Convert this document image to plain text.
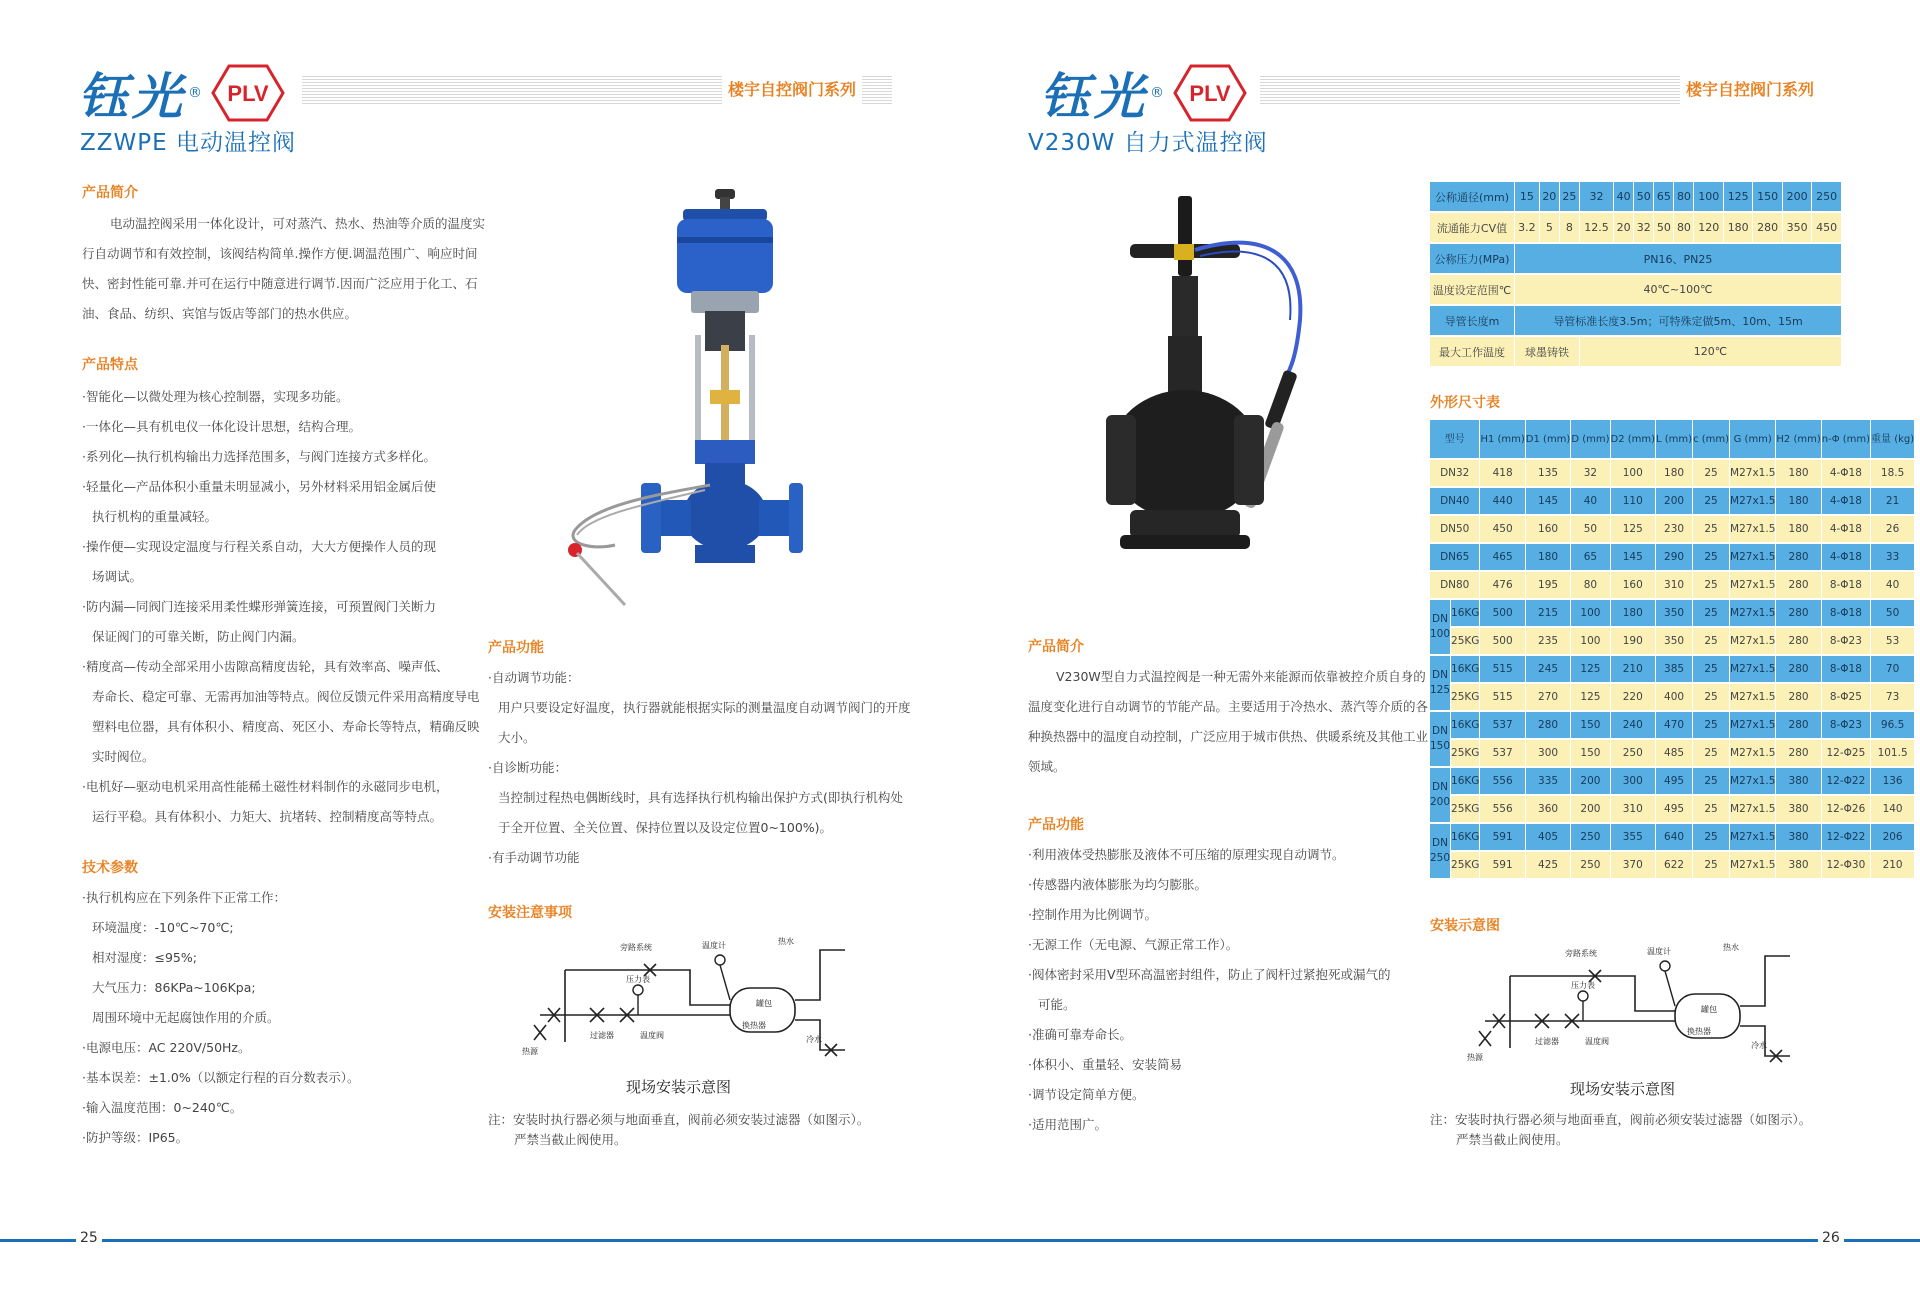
钰光 ® PLV	楼宇自控阀门系列
ZZWPE 电动温控阀
产品简介
电动温控阀采用一体化设计，可对蒸汽、热水、热油等介质的温度实行自动调节和有效控制，该阀结构简单.操作方便.调温范围广、响应时间快、密封性能可靠.并可在运行中随意进行调节.因而广泛应用于化工、石油、食品、纺织、宾馆与饭店等部门的热水供应。
产品特点
·智能化—以微处理为核心控制器，实现多功能。
·一体化—具有机电仪一体化设计思想，结构合理。
·系列化—执行机构输出力选择范围多，与阀门连接方式多样化。
·轻量化—产品体积小重量未明显减小，另外材料采用铝金属后使
执行机构的重量减轻。
·操作便—实现设定温度与行程关系自动，大大方便操作人员的现
场调试。
·防内漏—同阀门连接采用柔性蝶形弹簧连接，可预置阀门关断力
保证阀门的可靠关断，防止阀门内漏。
·精度高—传动全部采用小齿隙高精度齿轮，具有效率高、噪声低、
寿命长、稳定可靠、无需再加油等特点。阀位反馈元件采用高精度导电塑料电位器，具有体积小、精度高、死区小、寿命长等特点，精确反映实时阀位。
·电机好—驱动电机采用高性能稀土磁性材料制作的永磁同步电机，
运行平稳。具有体积小、力矩大、抗堵转、控制精度高等特点。
技术参数
·执行机构应在下列条件下正常工作：
环境温度：-10℃~70℃;
相对湿度：≤95%;
大气压力：86KPa~106Kpa;
周围环境中无起腐蚀作用的介质。
·电源电压：AC 220V/50Hz。
·基本误差：±1.0%（以额定行程的百分数表示）。
·输入温度范围：0~240℃。
·防护等级：IP65。
产品功能
·自动调节功能：
用户只要设定好温度，执行器就能根据实际的测量温度自动调节阀门的开度大小。
·自诊断功能：
当控制过程热电偶断线时，具有选择执行机构输出保护方式(即执行机构处于全开位置、全关位置、保持位置以及设定位置0~100%)。
·有手动调节功能
安装注意事项
旁路系统	温度计	热水
压力表
罐包
换热器
过滤器	温度阀
热源
冷水
现场安装示意图
注：安装时执行器必须与地面垂直，阀前必须安装过滤器（如图示）。
严禁当截止阀使用。
25
钰光 ® PLV	楼宇自控阀门系列
V230W 自力式温控阀
公称通径(mm)	15	20	25	32	40	50	65	80	100	125	150	200	250
流通能力CV值	3.2	5	8	12.5	20	32	50	80	120	180	280	350	450
公称压力(MPa)	PN16、PN25												
温度设定范围℃	40℃~100℃												
导管长度m	导管标准长度3.5m；可特殊定做5m、10m、15m												
最大工作温度	球墨铸铁			120℃									
外形尺寸表
型号		H1 (mm)	D1 (mm)	D (mm)	D2 (mm)	L (mm)	c (mm)	G (mm)	H2 (mm)	n-Φ (mm)	重量 (kg)
DN32		418	135	32	100	180	25	M27x1.5	180	4-Φ18	18.5
DN40		440	145	40	110	200	25	M27x1.5	180	4-Φ18	21
DN50		450	160	50	125	230	25	M27x1.5	180	4-Φ18	26
DN65		465	180	65	145	290	25	M27x1.5	280	4-Φ18	33
DN80		476	195	80	160	310	25	M27x1.5	280	8-Φ18	40

DN
100	16KG	500	215	100	180	350	25	M27x1.5	280	8-Φ18	50
	25KG	500	235	100	190	350	25	M27x1.5	280	8-Φ23	53

DN
125	16KG	515	245	125	210	385	25	M27x1.5	280	8-Φ18	70
	25KG	515	270	125	220	400	25	M27x1.5	280	8-Φ25	73

DN
150	16KG	537	280	150	240	470	25	M27x1.5	280	8-Φ23	96.5
	25KG	537	300	150	250	485	25	M27x1.5	280	12-Φ25	101.5

DN
200	16KG	556	335	200	300	495	25	M27x1.5	380	12-Φ22	136
	25KG	556	360	200	310	495	25	M27x1.5	380	12-Φ26	140

DN
250	16KG	591	405	250	355	640	25	M27x1.5	380	12-Φ22	206
	25KG	591	425	250	370	622	25	M27x1.5	380	12-Φ30	210
产品简介
V230W型自力式温控阀是一种无需外来能源而依靠被控介质自身的温度变化进行自动调节的节能产品。主要适用于冷热水、蒸汽等介质的各种换热器中的温度自动控制，广泛应用于城市供热、供暖系统及其他工业领域。
产品功能
·利用液体受热膨胀及液体不可压缩的原理实现自动调节。
·传感器内液体膨胀为均匀膨胀。
·控制作用为比例调节。
·无源工作（无电源、气源正常工作）。
·阀体密封采用V型环高温密封组件，防止了阀杆过紧抱死或漏气的
可能。
·准确可靠寿命长。
·体积小、重量轻、安装简易
·调节设定简单方便。
·适用范围广。
安装示意图
旁路系统	温度计	热水
压力表
罐包
换热器
过滤器	温度阀
热源
冷水
现场安装示意图
注：安装时执行器必须与地面垂直，阀前必须安装过滤器（如图示）。
严禁当截止阀使用。
26
